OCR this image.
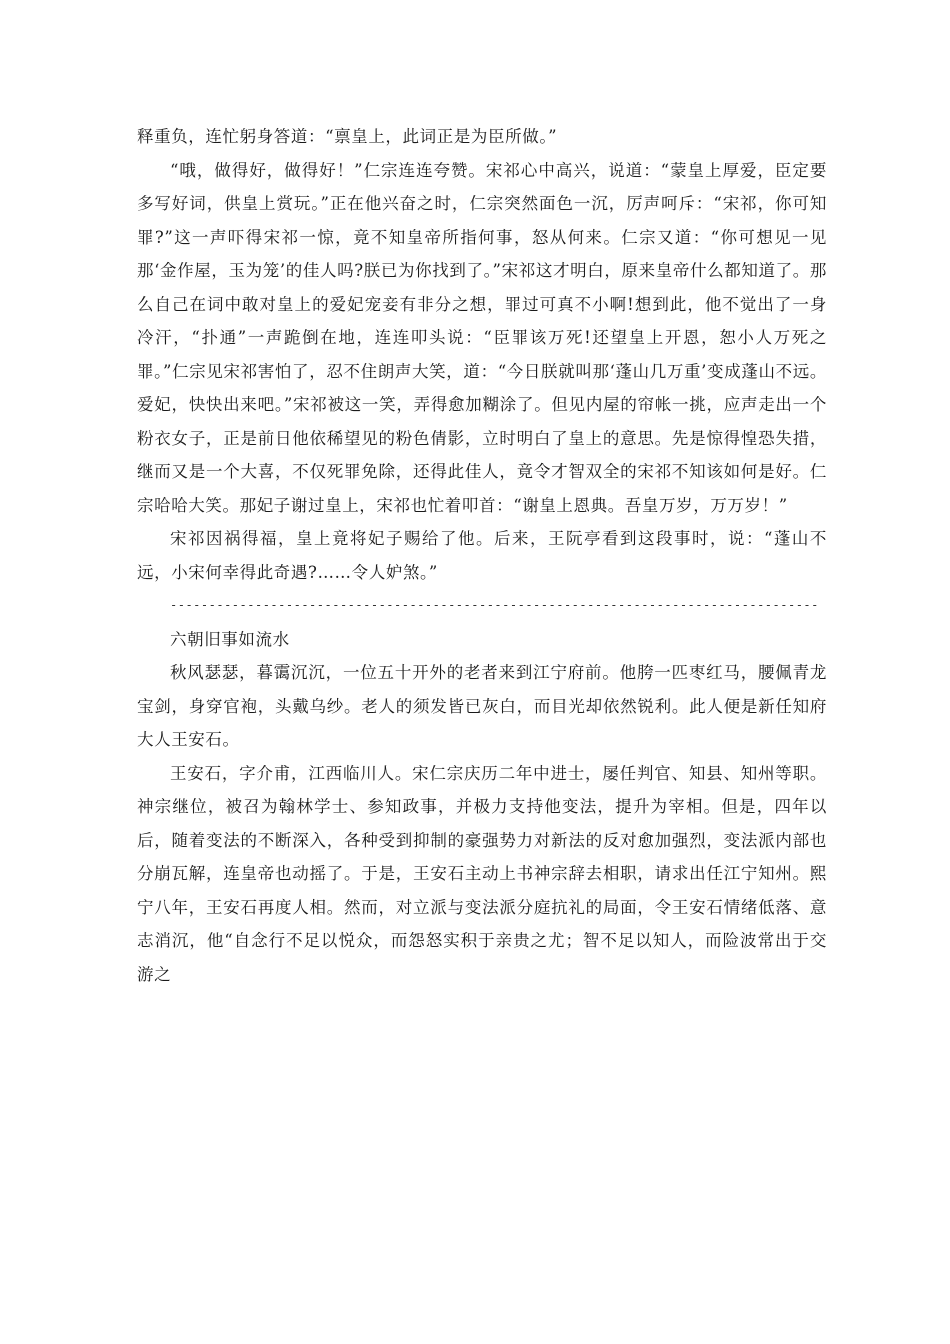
释重负，连忙躬身答道：“禀皇上，此词正是为臣所做。”

“哦，做得好，做得好！”仁宗连连夸赞。宋祁心中高兴，说道：“蒙皇上厚爱，臣定要多写好词，供皇上赏玩。”正在他兴奋之时，仁宗突然面色一沉，厉声呵斥：“宋祁，你可知罪?”这一声吓得宋祁一惊，竟不知皇帝所指何事，怒从何来。仁宗又道：“你可想见一见那‘金作屋，玉为笼’的佳人吗?朕已为你找到了。”宋祁这才明白，原来皇帝什么都知道了。那么自己在词中敢对皇上的爱妃宠妾有非分之想，罪过可真不小啊!想到此，他不觉出了一身冷汗，“扑通”一声跪倒在地，连连叩头说：“臣罪该万死!还望皇上开恩，恕小人万死之罪。”仁宗见宋祁害怕了，忍不住朗声大笑，道：“今日朕就叫那‘蓬山几万重’变成蓬山不远。爱妃，快快出来吧。”宋祁被这一笑，弄得愈加糊涂了。但见内屋的帘帐一挑，应声走出一个粉衣女子，正是前日他依稀望见的粉色倩影，立时明白了皇上的意思。先是惊得惶恐失措，继而又是一个大喜，不仅死罪免除，还得此佳人，竟令才智双全的宋祁不知该如何是好。仁宗哈哈大笑。那妃子谢过皇上，宋祁也忙着叩首：“谢皇上恩典。吾皇万岁，万万岁！”

宋祁因祸得福，皇上竟将妃子赐给了他。后来，王阮亭看到这段事时，说：“蓬山不远，小宋何幸得此奇遇?……令人妒煞。”

------------------------------------------------------------------------------------

六朝旧事如流水

秋风瑟瑟，暮霭沉沉，一位五十开外的老者来到江宁府前。他胯一匹枣红马，腰佩青龙宝剑，身穿官袍，头戴乌纱。老人的须发皆已灰白，而目光却依然锐利。此人便是新任知府大人王安石。

王安石，字介甫，江西临川人。宋仁宗庆历二年中进士，屡任判官、知县、知州等职。神宗继位，被召为翰林学士、参知政事，并极力支持他变法，提升为宰相。但是，四年以后，随着变法的不断深入，各种受到抑制的豪强势力对新法的反对愈加强烈，变法派内部也分崩瓦解，连皇帝也动摇了。于是，王安石主动上书神宗辞去相职，请求出任江宁知州。熙宁八年，王安石再度人相。然而，对立派与变法派分庭抗礼的局面，令王安石情绪低落、意志消沉，他“自念行不足以悦众，而怨怒实积于亲贵之尤；智不足以知人，而险波常出于交游之
